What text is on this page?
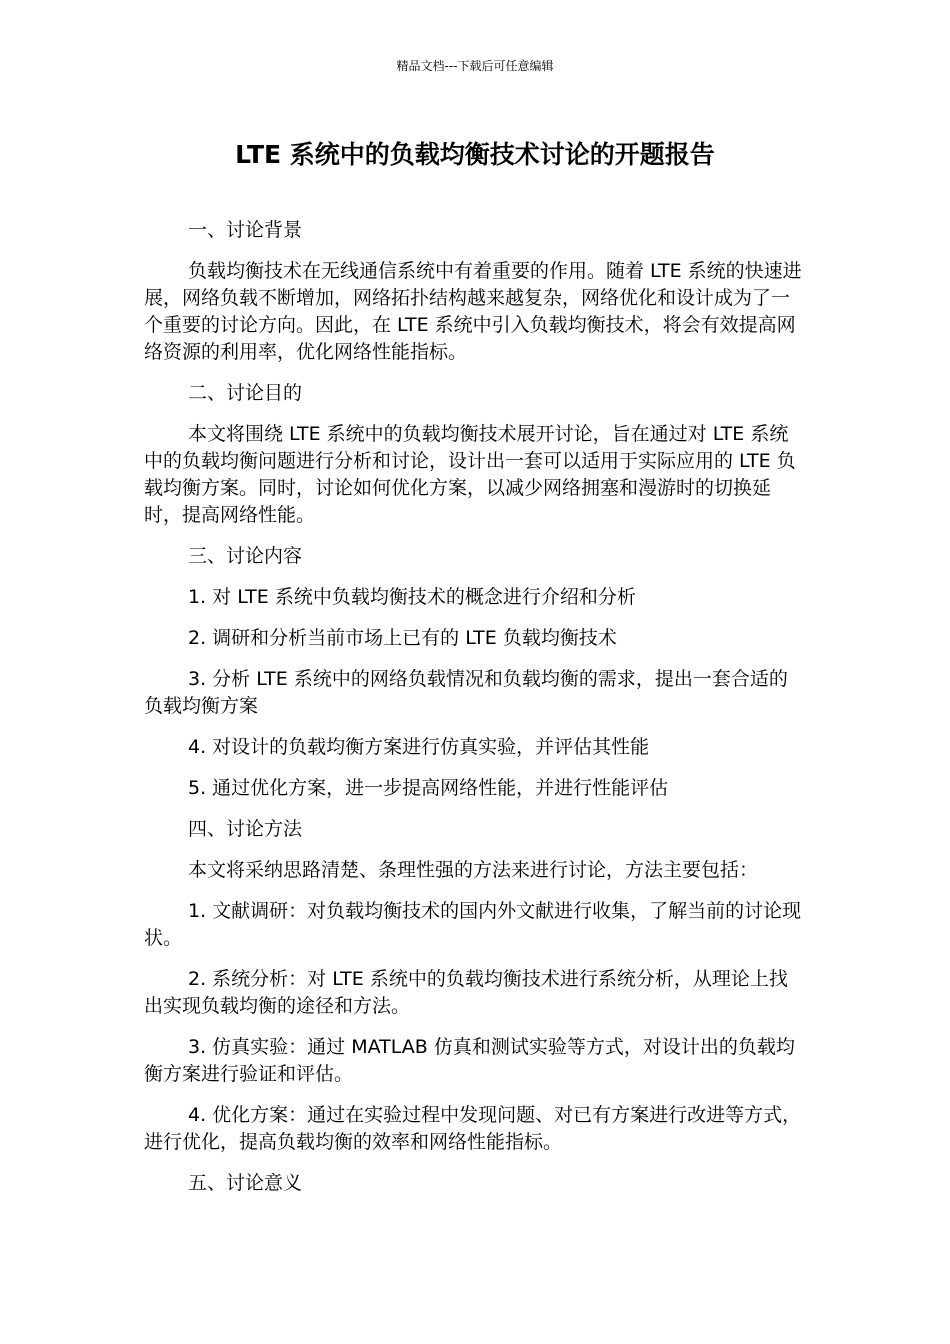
精品文档---下载后可任意编辑
LTE 系统中的负载均衡技术讨论的开题报告

一、讨论背景

负载均衡技术在无线通信系统中有着重要的作用。随着 LTE 系统的快速进展，网络负载不断增加，网络拓扑结构越来越复杂，网络优化和设计成为了一个重要的讨论方向。因此，在 LTE 系统中引入负载均衡技术，将会有效提高网络资源的利用率，优化网络性能指标。

二、讨论目的

本文将围绕 LTE 系统中的负载均衡技术展开讨论，旨在通过对 LTE 系统中的负载均衡问题进行分析和讨论，设计出一套可以适用于实际应用的 LTE 负载均衡方案。同时，讨论如何优化方案，以减少网络拥塞和漫游时的切换延时，提高网络性能。

三、讨论内容

1. 对 LTE 系统中负载均衡技术的概念进行介绍和分析

2. 调研和分析当前市场上已有的 LTE 负载均衡技术

3. 分析 LTE 系统中的网络负载情况和负载均衡的需求，提出一套合适的负载均衡方案

4. 对设计的负载均衡方案进行仿真实验，并评估其性能

5. 通过优化方案，进一步提高网络性能，并进行性能评估

四、讨论方法

本文将采纳思路清楚、条理性强的方法来进行讨论，方法主要包括：

1. 文献调研：对负载均衡技术的国内外文献进行收集，了解当前的讨论现状。

2. 系统分析：对 LTE 系统中的负载均衡技术进行系统分析，从理论上找出实现负载均衡的途径和方法。

3. 仿真实验：通过 MATLAB 仿真和测试实验等方式，对设计出的负载均衡方案进行验证和评估。

4. 优化方案：通过在实验过程中发现问题、对已有方案进行改进等方式，进行优化，提高负载均衡的效率和网络性能指标。

五、讨论意义
